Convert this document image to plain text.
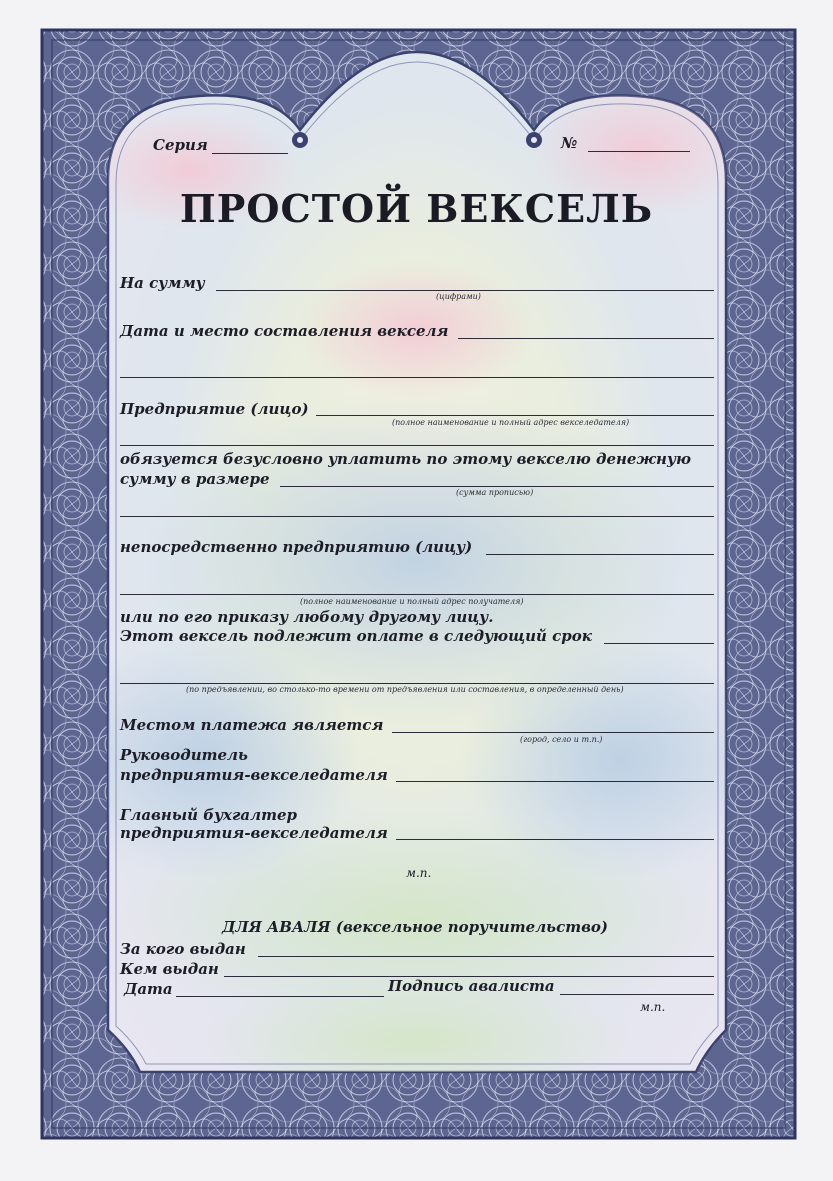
Серия	№
ПРОСТОЙ ВЕКСЕЛЬ
На сумму
(цифрами)
Дата и место составления векселя
Предприятие (лицо)
(полное наименование и полный адрес векселедателя)
обязуется безусловно уплатить по этому векселю денежную
сумму в размере
(сумма прописью)
непосредственно предприятию (лицу)
(полное наименование и полный адрес получателя)
или по его приказу любому другому лицу.
Этот вексель подлежит оплате в следующий срок
(по предъявлении, во столько-то времени от предъявления или составления, в определенный день)
Местом платежа является
(город, село и т.п.)
Руководитель
предприятия-векселедателя
Главный бухгалтер
предприятия-векселедателя
м.п.
ДЛЯ АВАЛЯ (вексельное поручительство)
За кого выдан
Кем выдан
Дата	Подпись авалиста
м.п.
